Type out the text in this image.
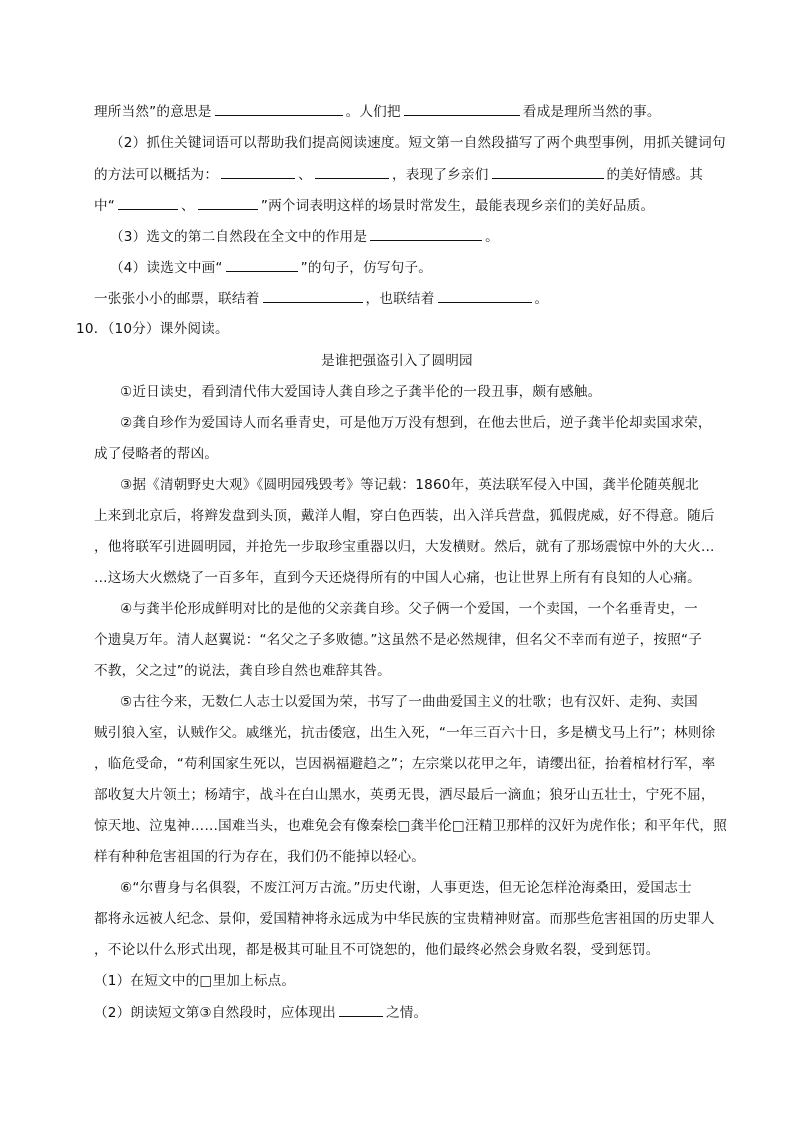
理所当然”的意思是	。人们把	看成是理所当然的事。
（2）抓住关键词语可以帮助我们提高阅读速度。短文第一自然段描写了两个典型事例，用抓关键词句
的方法可以概括为：	、	，表现了乡亲们	的美好情感。其
中“	、	”两个词表明这样的场景时常发生，最能表现乡亲们的美好品质。
（3）选文的第二自然段在全文中的作用是	。
（4）读选文中画“	”的句子，仿写句子。
一张张小小的邮票，联结着	，也联结着	。
10．（10分）课外阅读。
是谁把强盗引入了圆明园
①近日读史，看到清代伟大爱国诗人龚自珍之子龚半伦的一段丑事，颇有感触。
②龚自珍作为爱国诗人而名垂青史，可是他万万没有想到，在他去世后，逆子龚半伦却卖国求荣，
成了侵略者的帮凶。
③据《清朝野史大观》《圆明园残毁考》等记载：1860年，英法联军侵入中国，龚半伦随英舰北
上来到北京后，将辫发盘到头顶，戴洋人帽，穿白色西装，出入洋兵营盘，狐假虎威，好不得意。随后
，他将联军引进圆明园，并抢先一步取珍宝重器以归，大发横财。然后，就有了那场震惊中外的大火…
…这场大火燃烧了一百多年，直到今天还烧得所有的中国人心痛，也让世界上所有有良知的人心痛。
④与龚半伦形成鲜明对比的是他的父亲龚自珍。父子俩一个爱国，一个卖国，一个名垂青史，一
个遗臭万年。清人赵翼说：“名父之子多败德。”这虽然不是必然规律，但名父不幸而有逆子，按照“子
不教，父之过”的说法，龚自珍自然也难辞其咎。
⑤古往今来，无数仁人志士以爱国为荣，书写了一曲曲爱国主义的壮歌；也有汉奸、走狗、卖国
贼引狼入室，认贼作父。戚继光，抗击倭寇，出生入死，“一年三百六十日，多是横戈马上行”；林则徐
，临危受命，“苟利国家生死以，岂因祸福避趋之”；左宗棠以花甲之年，请缨出征，抬着棺材行军，率
部收复大片领土；杨靖宇，战斗在白山黑水，英勇无畏，洒尽最后一滴血；狼牙山五壮士，宁死不屈，
惊天地、泣鬼神……国难当头，也难免会有像秦桧□龚半伦□汪精卫那样的汉奸为虎作伥；和平年代，照
样有种种危害祖国的行为存在，我们仍不能掉以轻心。
⑥“尔曹身与名俱裂，不废江河万古流。”历史代谢，人事更迭，但无论怎样沧海桑田，爱国志士
都将永远被人纪念、景仰，爱国精神将永远成为中华民族的宝贵精神财富。而那些危害祖国的历史罪人
，不论以什么形式出现，都是极其可耻且不可饶恕的，他们最终必然会身败名裂，受到惩罚。
（1）在短文中的□里加上标点。
（2）朗读短文第③自然段时，应体现出	之情。
